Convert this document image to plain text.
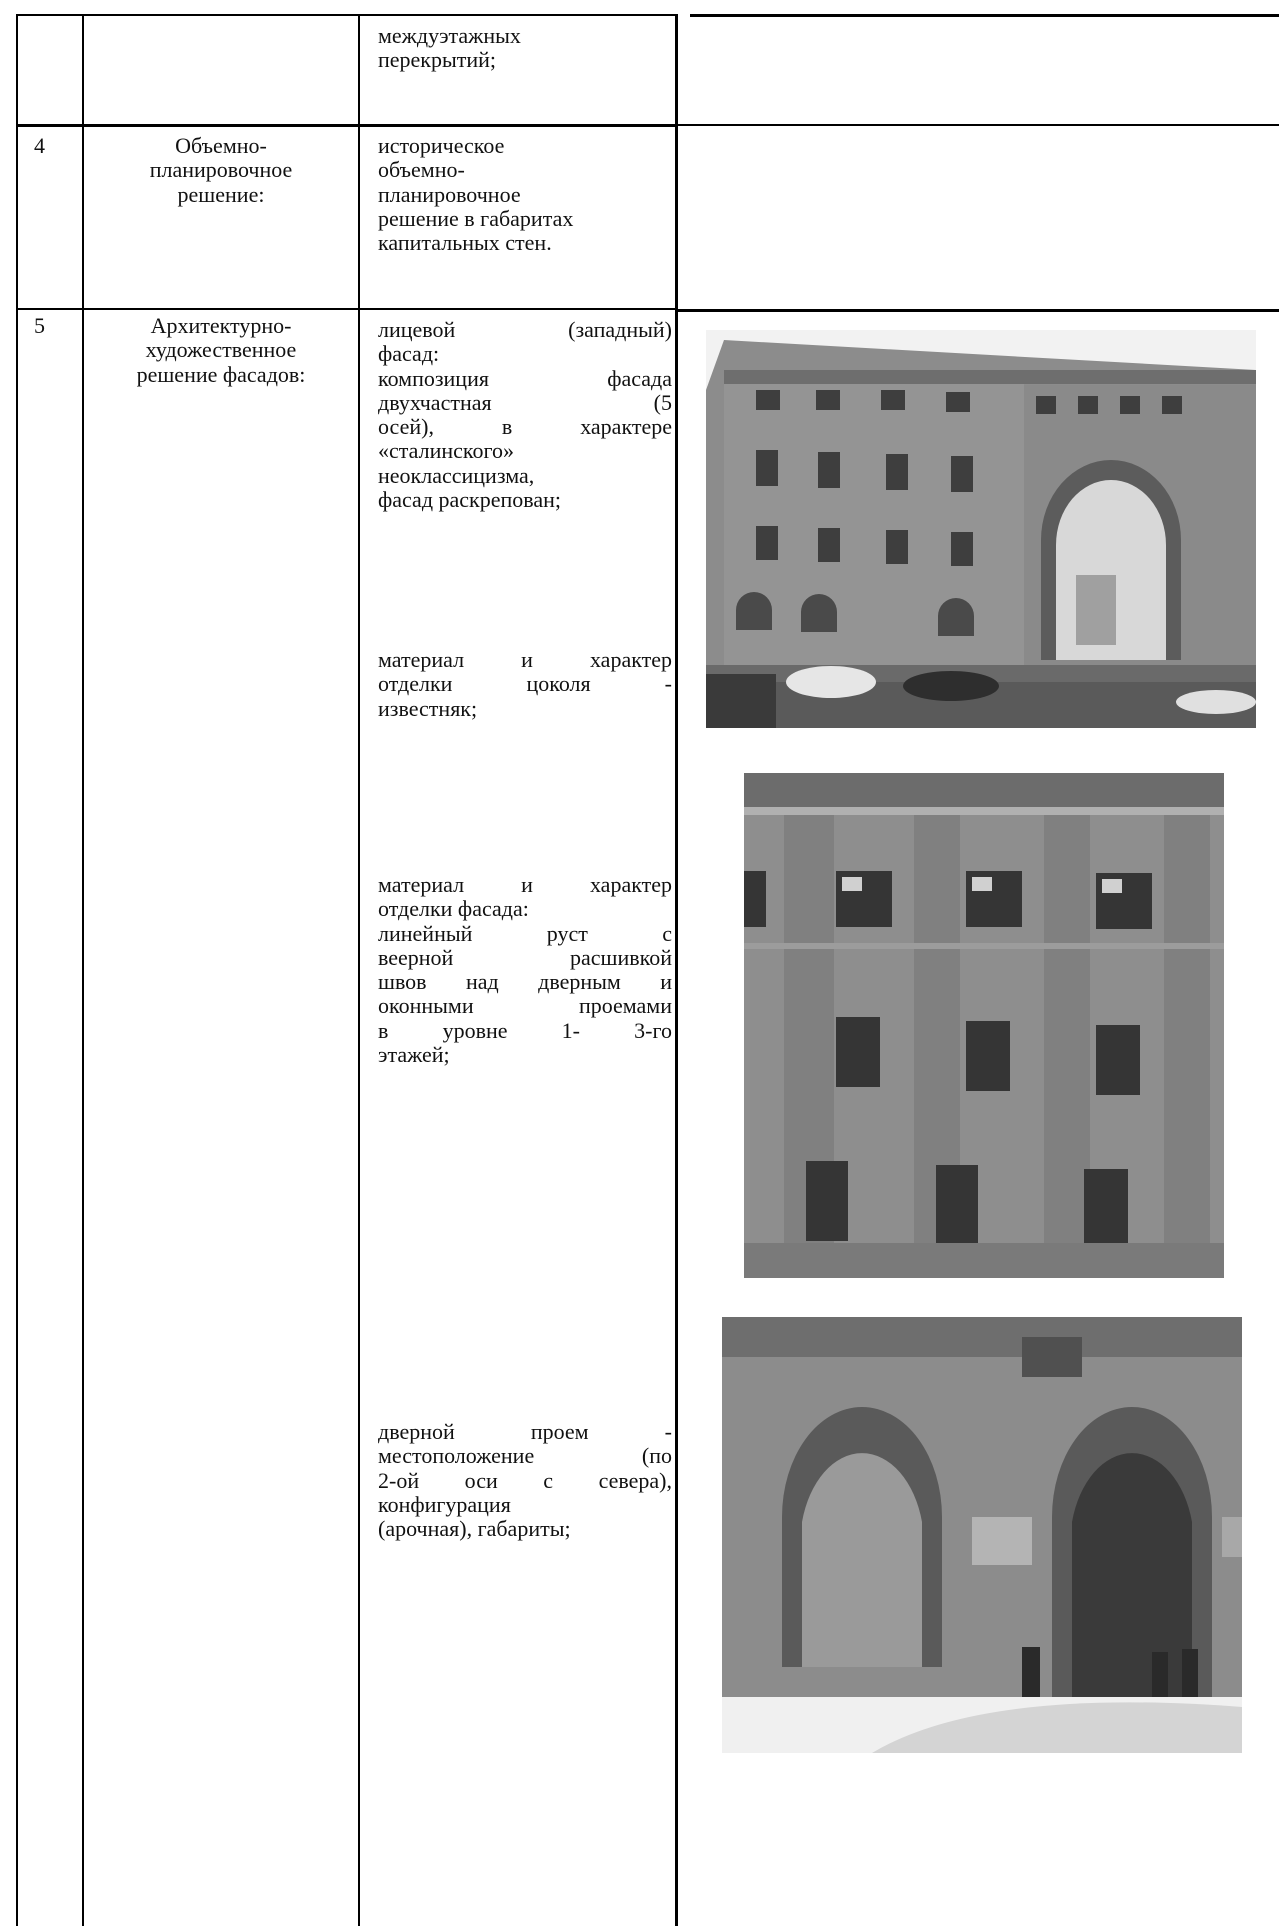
междуэтажных
перекрытий;
4	Объемно-
планировочное
решение:
историческое
объемно-
планировочное
решение в габаритах
капитальных стен.
5	Архитектурно-
художественное
решение фасадов:
лицевой (западный)
фасад:
композиция фасада
двухчастная (5
осей), в характере
«сталинского»
неоклассицизма,
фасад раскрепован;
материал и характер
отделки цоколя -
известняк;
материал и характер
отделки фасада:
линейный руст с
веерной расшивкой
швов над дверным и
оконными проемами
в уровне 1- 3-го
этажей;
дверной проем -
местоположение (по
2-ой оси с севера),
конфигурация
(арочная), габариты;
